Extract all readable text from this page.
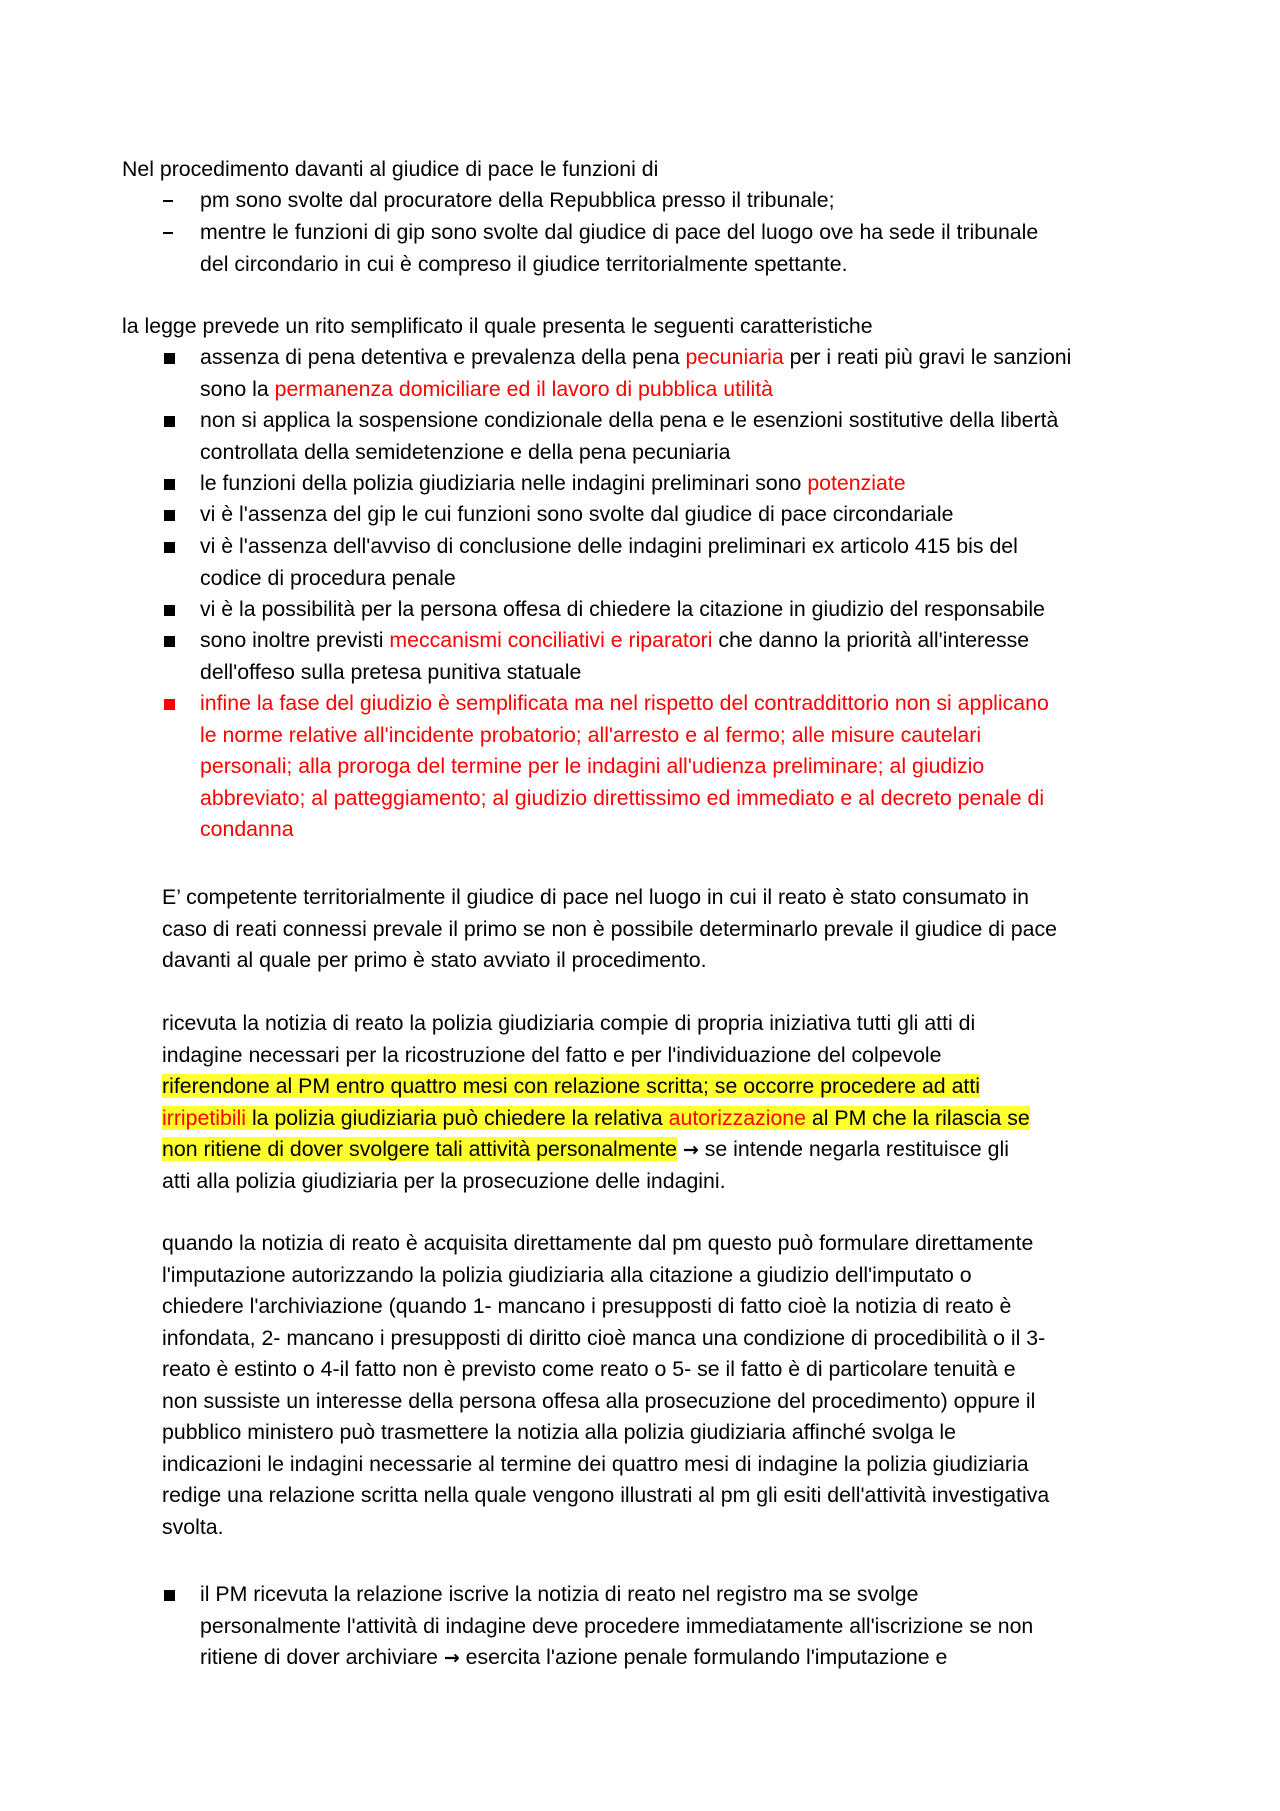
Nel procedimento davanti al giudice di pace le funzioni di
pm sono svolte dal procuratore della Repubblica presso il tribunale;
mentre le funzioni di gip sono svolte dal giudice di pace del luogo ove ha sede il tribunale
del circondario in cui è compreso il giudice territorialmente spettante.
la legge prevede un rito semplificato il quale presenta le seguenti caratteristiche
assenza di pena detentiva e prevalenza della pena pecuniaria per i reati più gravi le sanzioni
sono la permanenza domiciliare ed il lavoro di pubblica utilità
non si applica la sospensione condizionale della pena e le esenzioni sostitutive della libertà
controllata della semidetenzione e della pena pecuniaria
le funzioni della polizia giudiziaria nelle indagini preliminari sono potenziate
vi è l'assenza del gip le cui funzioni sono svolte dal giudice di pace circondariale
vi è l'assenza dell'avviso di conclusione delle indagini preliminari ex articolo 415 bis del
codice di procedura penale
vi è la possibilità per la persona offesa di chiedere la citazione in giudizio del responsabile
sono inoltre previsti meccanismi conciliativi e riparatori che danno la priorità all'interesse
dell'offeso sulla pretesa punitiva statuale
infine la fase del giudizio è semplificata ma nel rispetto del contraddittorio non si applicano
le norme relative all'incidente probatorio; all'arresto e al fermo; alle misure cautelari
personali; alla proroga del termine per le indagini all'udienza preliminare; al giudizio
abbreviato; al patteggiamento; al giudizio direttissimo ed immediato e al decreto penale di
condanna
E’ competente territorialmente il giudice di pace nel luogo in cui il reato è stato consumato in
caso di reati connessi prevale il primo se non è possibile determinarlo prevale il giudice di pace
davanti al quale per primo è stato avviato il procedimento.
ricevuta la notizia di reato la polizia giudiziaria compie di propria iniziativa tutti gli atti di
indagine necessari per la ricostruzione del fatto e per l'individuazione del colpevole
riferendone al PM entro quattro mesi con relazione scritta; se occorre procedere ad atti
irripetibili la polizia giudiziaria può chiedere la relativa autorizzazione al PM che la rilascia se
non ritiene di dover svolgere tali attività personalmente → se intende negarla restituisce gli
atti alla polizia giudiziaria per la prosecuzione delle indagini.
quando la notizia di reato è acquisita direttamente dal pm questo può formulare direttamente
l'imputazione autorizzando la polizia giudiziaria alla citazione a giudizio dell'imputato o
chiedere l'archiviazione (quando 1- mancano i presupposti di fatto cioè la notizia di reato è
infondata, 2- mancano i presupposti di diritto cioè manca una condizione di procedibilità o il 3-
reato è estinto o 4-il fatto non è previsto come reato o 5- se il fatto è di particolare tenuità e
non sussiste un interesse della persona offesa alla prosecuzione del procedimento) oppure il
pubblico ministero può trasmettere la notizia alla polizia giudiziaria affinché svolga le
indicazioni le indagini necessarie al termine dei quattro mesi di indagine la polizia giudiziaria
redige una relazione scritta nella quale vengono illustrati al pm gli esiti dell'attività investigativa
svolta.
il PM ricevuta la relazione iscrive la notizia di reato nel registro ma se svolge
personalmente l'attività di indagine deve procedere immediatamente all'iscrizione se non
ritiene di dover archiviare → esercita l'azione penale formulando l'imputazione e
